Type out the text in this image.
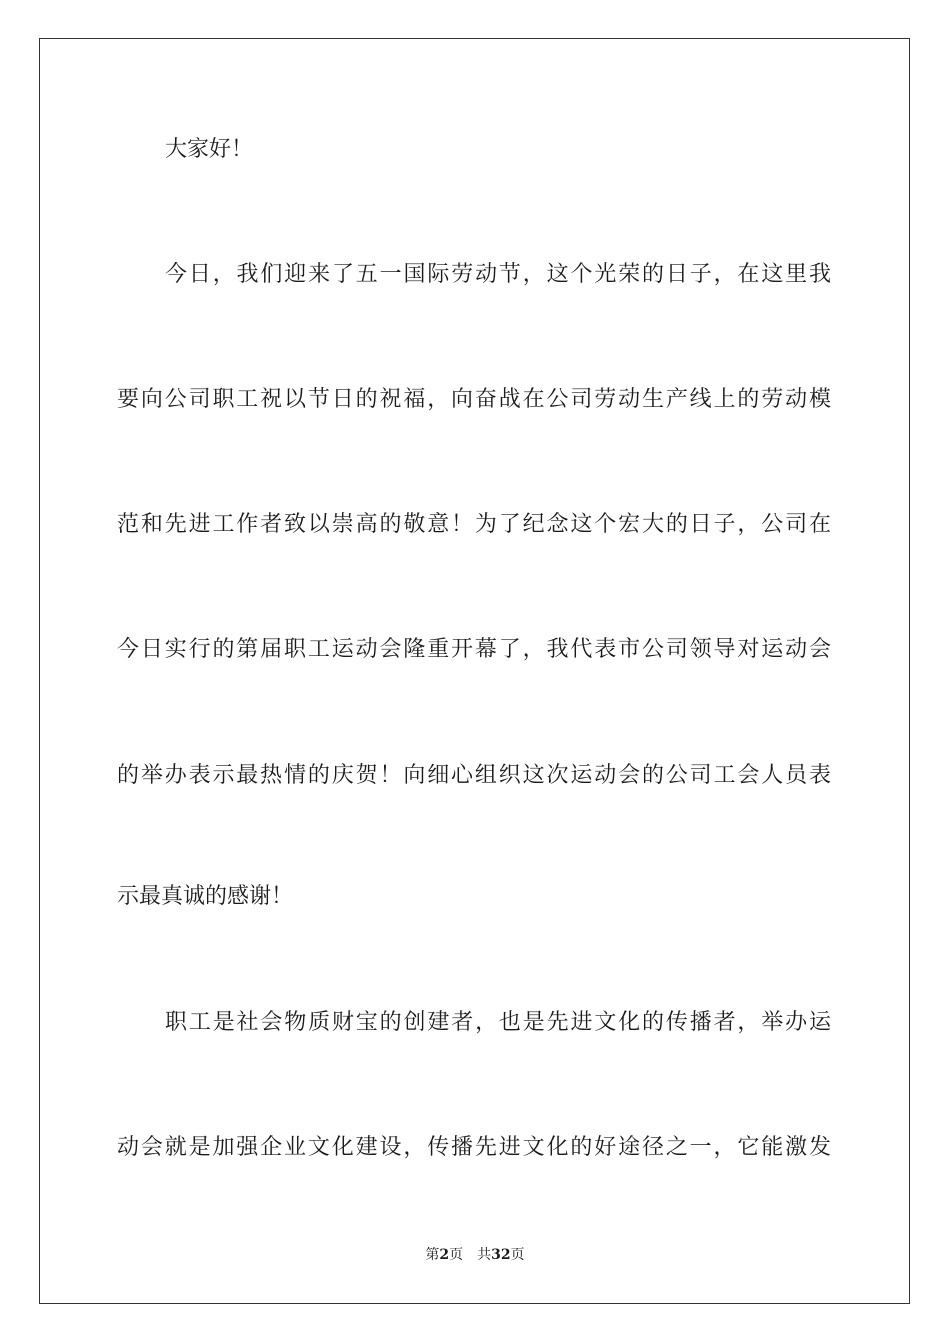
大家好！
今日，我们迎来了五一国际劳动节，这个光荣的日子，在这里我
要向公司职工祝以节日的祝福，向奋战在公司劳动生产线上的劳动模
范和先进工作者致以崇高的敬意！为了纪念这个宏大的日子，公司在
今日实行的第届职工运动会隆重开幕了，我代表市公司领导对运动会
的举办表示最热情的庆贺！向细心组织这次运动会的公司工会人员表
示最真诚的感谢！
职工是社会物质财宝的创建者，也是先进文化的传播者，举办运
动会就是加强企业文化建设，传播先进文化的好途径之一，它能激发
第2页 共32页
